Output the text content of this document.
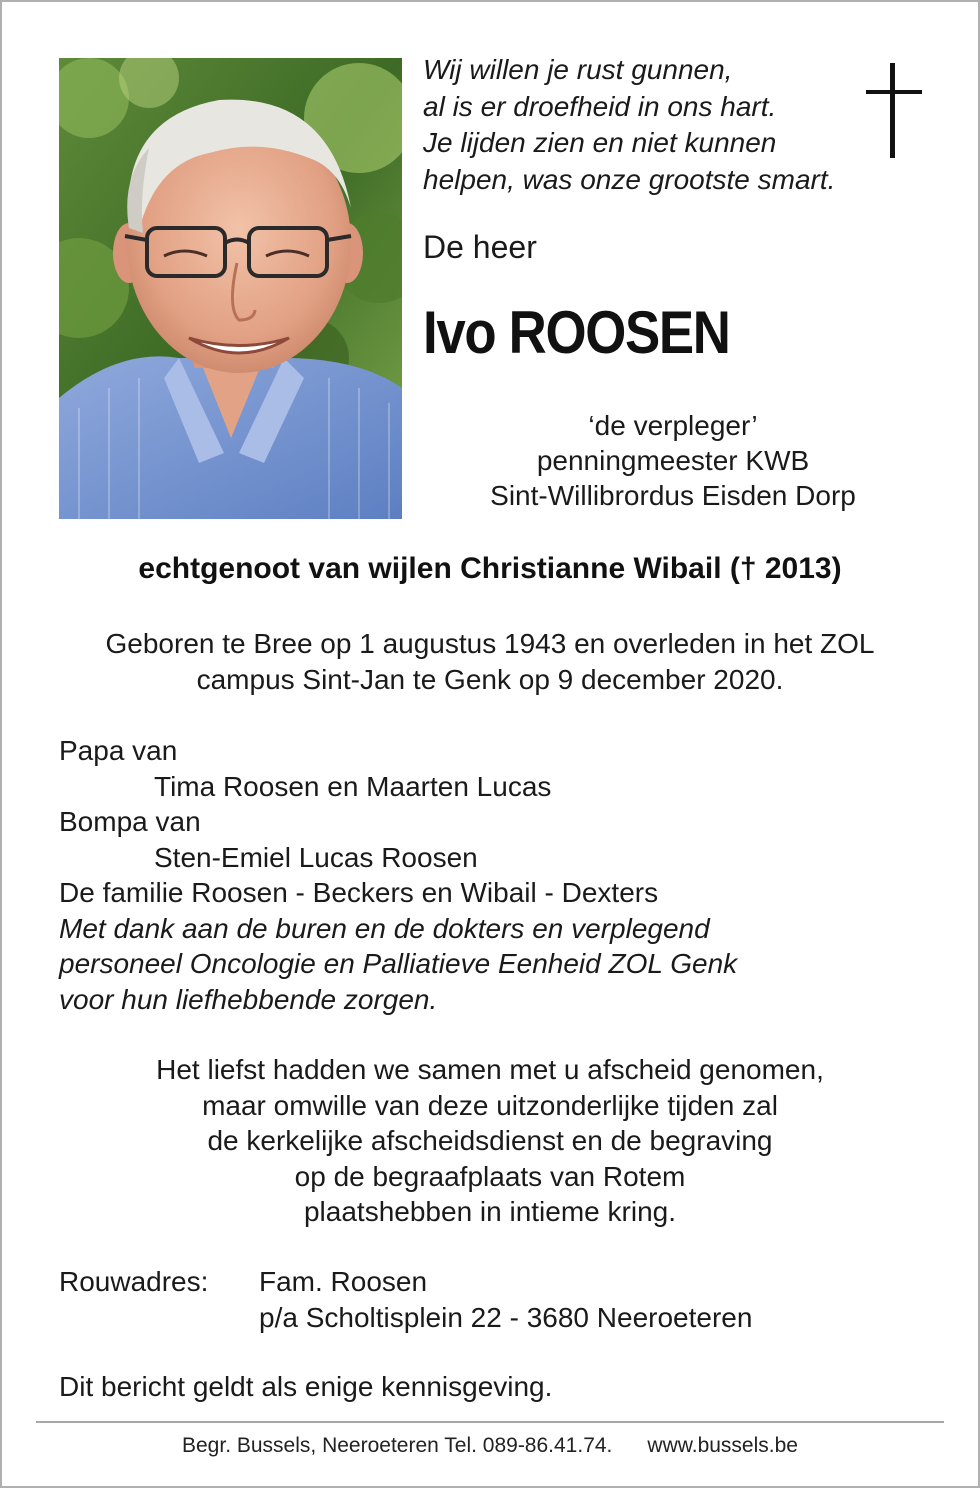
Wij willen je rust gunnen,
al is er droefheid in ons hart.
Je lijden zien en niet kunnen
helpen, was onze grootste smart.
De heer
Ivo ROOSEN
‘de verpleger’
penningmeester KWB
Sint-Willibrordus Eisden Dorp
echtgenoot van wijlen Christianne Wibail († 2013)
Geboren te Bree op 1 augustus 1943 en overleden in het ZOL
campus Sint-Jan te Genk op 9 december 2020.
Papa van
Tima Roosen en Maarten Lucas
Bompa van
Sten-Emiel Lucas Roosen
De familie Roosen - Beckers en Wibail - Dexters
Met dank aan de buren en de dokters en verplegend
personeel Oncologie en Palliatieve Eenheid ZOL Genk
voor hun liefhebbende zorgen.
Het liefst hadden we samen met u afscheid genomen,
maar omwille van deze uitzonderlijke tijden zal
de kerkelijke afscheidsdienst en de begraving
op de begraafplaats van Rotem
plaatshebben in intieme kring.
Rouwadres:	Fam. Roosen
p/a Scholtisplein 22 - 3680 Neeroeteren
Dit bericht geldt als enige kennisgeving.
Begr. Bussels, Neeroeteren Tel. 089-86.41.74. www.bussels.be
